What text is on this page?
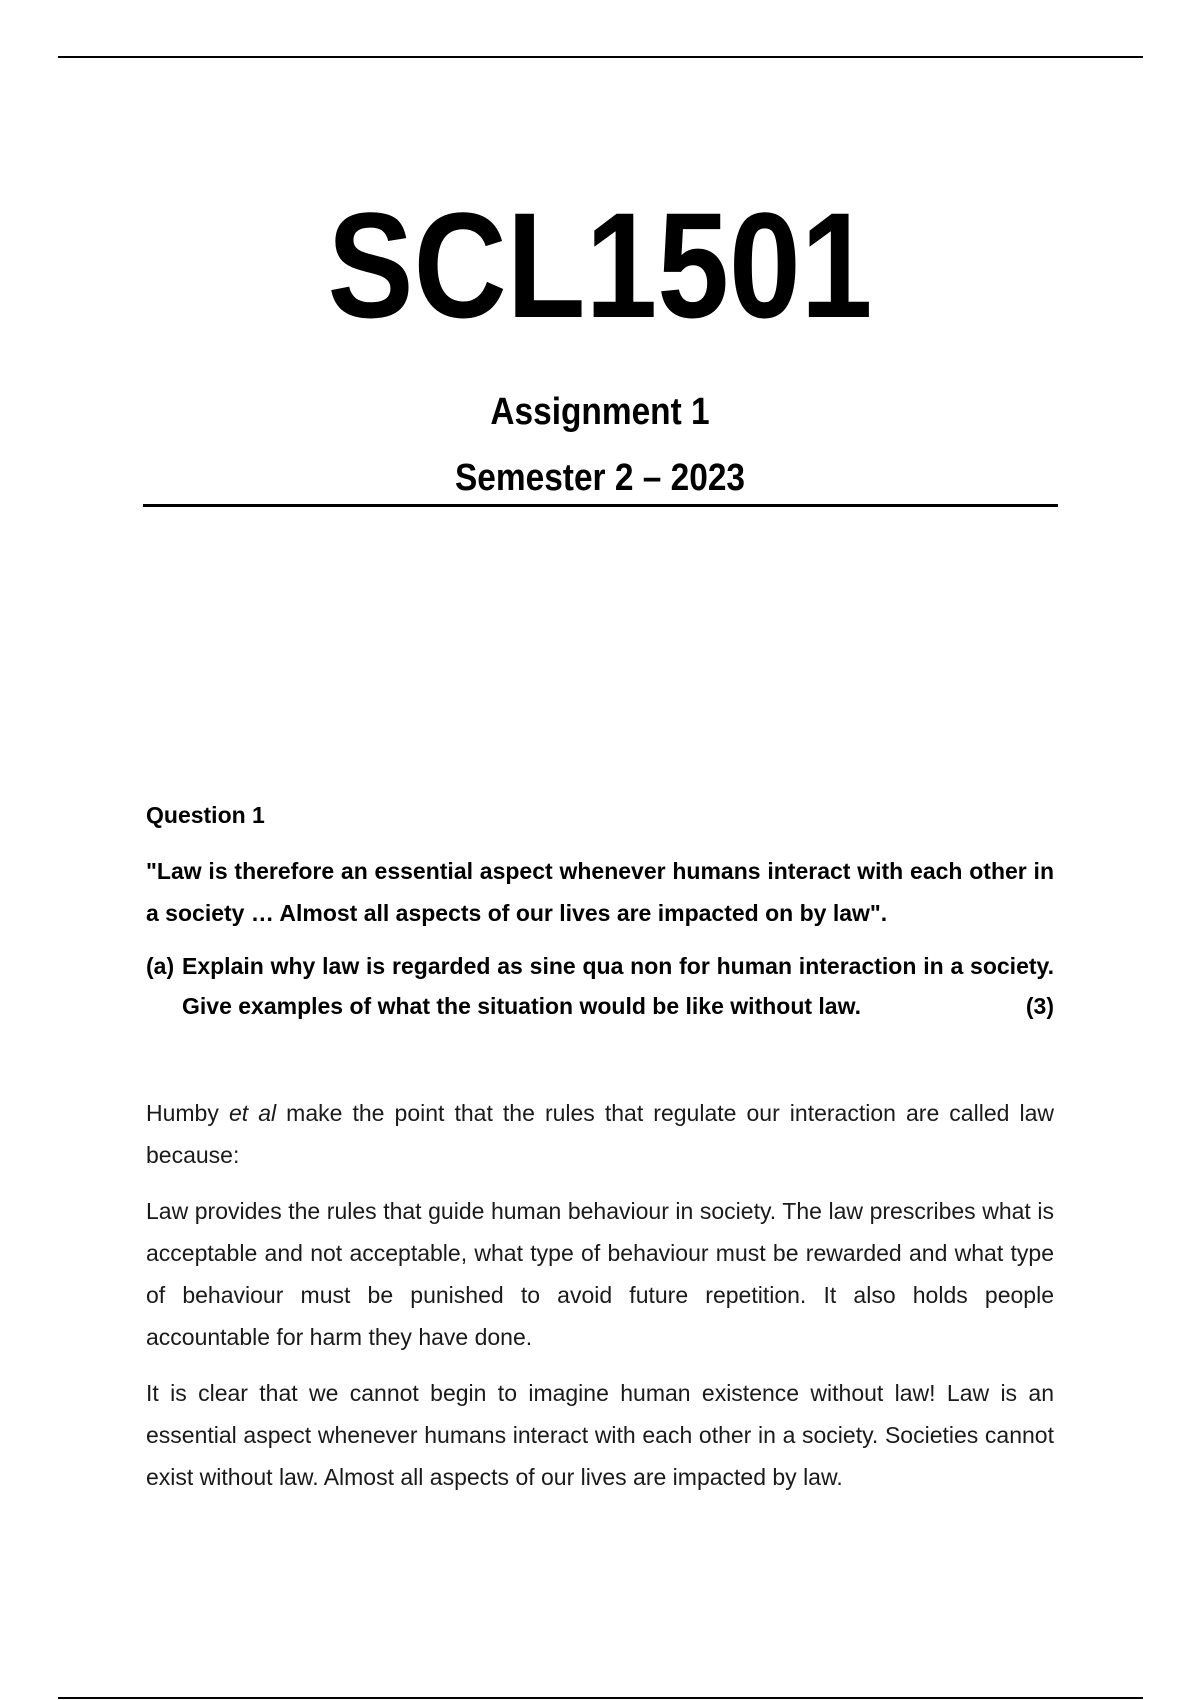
SCL1501
Assignment 1
Semester 2 – 2023
Question 1
"Law is therefore an essential aspect whenever humans interact with each other in a society … Almost all aspects of our lives are impacted on by law".
(a) Explain why law is regarded as sine qua non for human interaction in a society. Give examples of what the situation would be like without law.	(3)

Humby et al make the point that the rules that regulate our interaction are called law because:

Law provides the rules that guide human behaviour in society. The law prescribes what is acceptable and not acceptable, what type of behaviour must be rewarded and what type of behaviour must be punished to avoid future repetition. It also holds people accountable for harm they have done.

It is clear that we cannot begin to imagine human existence without law! Law is an essential aspect whenever humans interact with each other in a society. Societies cannot exist without law. Almost all aspects of our lives are impacted by law.
